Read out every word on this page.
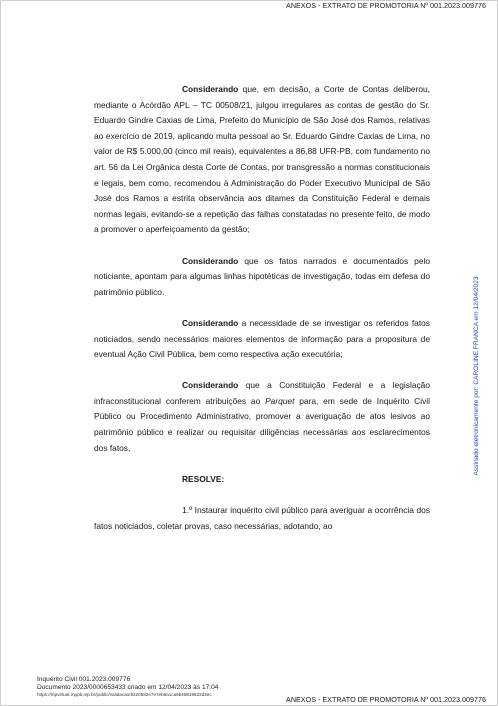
ANEXOS - EXTRATO DE PROMOTORIA Nº 001.2023.009776

Considerando que, em decisão, a Corte de Contas deliberou, mediante o Acórdão APL – TC 00508/21, julgou irregulares as contas de gestão do Sr. Eduardo Gindre Caxias de Lima, Prefeito do Município de São José dos Ramos, relativas ao exercício de 2019, aplicando multa pessoal ao Sr. Eduardo Gindre Caxias de Lima, no valor de R$ 5.000,00 (cinco mil reais), equivalentes a 86,88 UFR-PB, com fundamento no art. 56 da Lei Orgânica desta Corte de Contas, por transgressão a normas constitucionais e legais, bem como, recomendou à Administração do Poder Executivo Municipal de São José dos Ramos a estrita observância aos ditames da Constituição Federal e demais normas legais, evitando-se a repetição das falhas constatadas no presente feito, de modo a promover o aperfeiçoamento da gestão;

Considerando que os fatos narrados e documentados pelo noticiante, apontam para algumas linhas hipotéticas de investigação, todas em defesa do patrimônio público.

Considerando a necessidade de se investigar os referidos fatos noticiados, sendo necessários maiores elementos de informação para a propositura de eventual Ação Civil Pública, bem como respectiva ação executória;

Considerando que a Constituição Federal e a legislação infraconstitucional conferem atribuições ao Parquet para, em sede de Inquérito Civil Público ou Procedimento Administrativo, promover a averiguação de atos lesivos ao patrimônio público e realizar ou requisitar diligências necessárias aos esclarecimentos dos fatos,

RESOLVE:

1.º Instaurar inquérito civil público para averiguar a ocorrência dos fatos noticiados, coletar provas, caso necessárias, adotando, ao

Assinado eletronicamente por: CAROLINE FRANCA em 12/04/2023
Inquérito Civil 001.2023.009776
Documento 2023/0000653433 criado em 12/04/2023 às 17:04
https://mpvirtual.mppb.mp.br/public/validacao/8220582e7e7eb9a1ca9b45819822d3ec
ANEXOS - EXTRATO DE PROMOTORIA Nº 001.2023.009776
